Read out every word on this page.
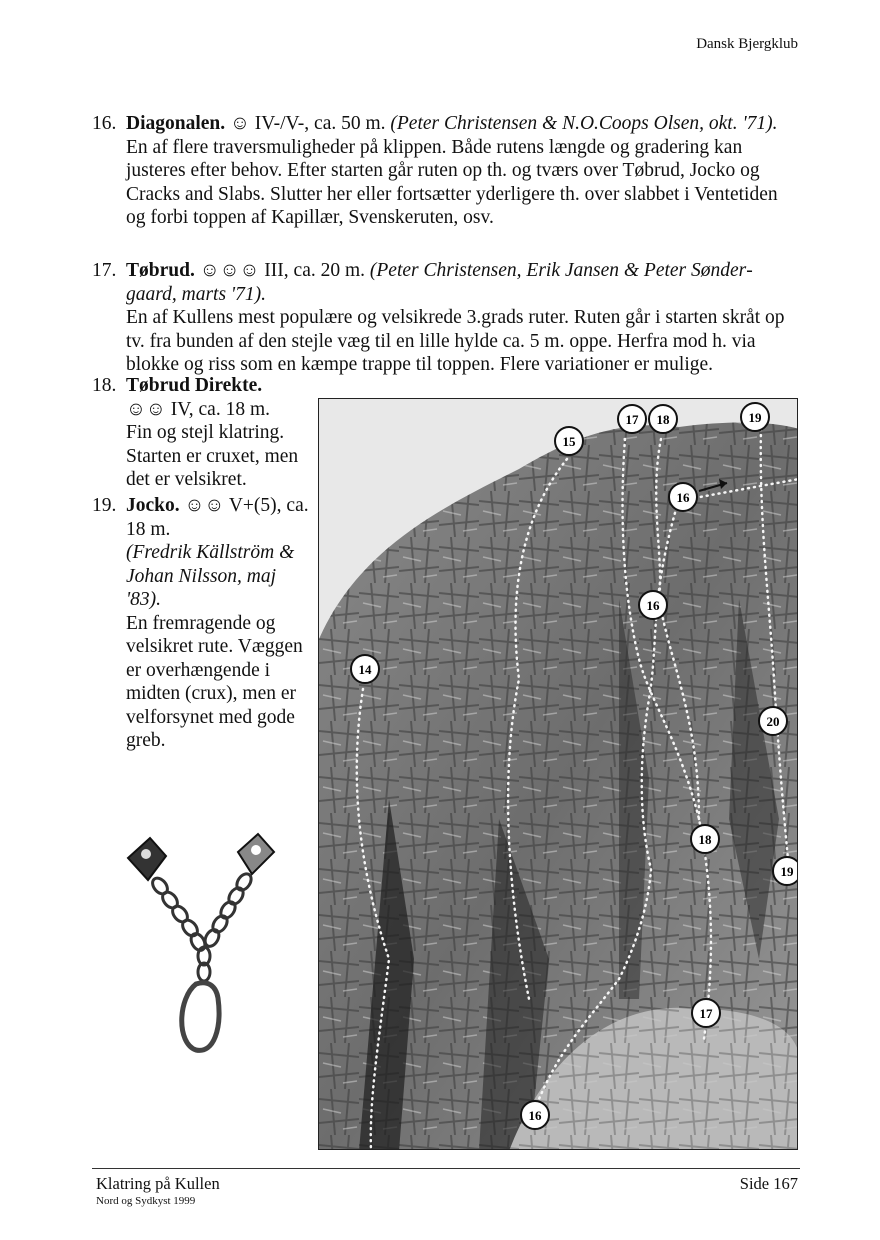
Dansk Bjergklub
16. Diagonalen. ☺ IV-/V-, ca. 50 m. (Peter Christensen & N.O.Coops Olsen, okt. '71).
En af flere traversmuligheder på klippen. Både rutens længde og gradering kan justeres efter behov. Efter starten går ruten op th. og tværs over Tøbrud, Jocko og Cracks and Slabs. Slutter her eller fortsætter yderligere th. over slabbet i Ventetiden og forbi toppen af Kapillær, Svenskeruten, osv.
17. Tøbrud. ☺☺☺ III, ca. 20 m. (Peter Christensen, Erik Jansen & Peter Søndergaard, marts '71).
En af Kullens mest populære og velsikrede 3.grads ruter. Ruten går i starten skråt op tv. fra bunden af den stejle væg til en lille hylde ca. 5 m. oppe. Herfra mod h. via blokke og riss som en kæmpe trappe til toppen. Flere variationer er mulige.
18. Tøbrud Direkte.
☺☺ IV, ca. 18 m.
Fin og stejl klatring. Starten er cruxet, men det er velsikret.
19. Jocko. ☺☺ V+(5), ca. 18 m.
(Fredrik Källström & Johan Nilsson, maj '83).
En fremragende og velsikret rute. Væggen er overhængende i midten (crux), men er velforsynet med gode greb.
14
15
16
16
16
17
17
18
18
19
19
20
Klatring på Kullen
Nord og Sydkyst 1999
Side 167
